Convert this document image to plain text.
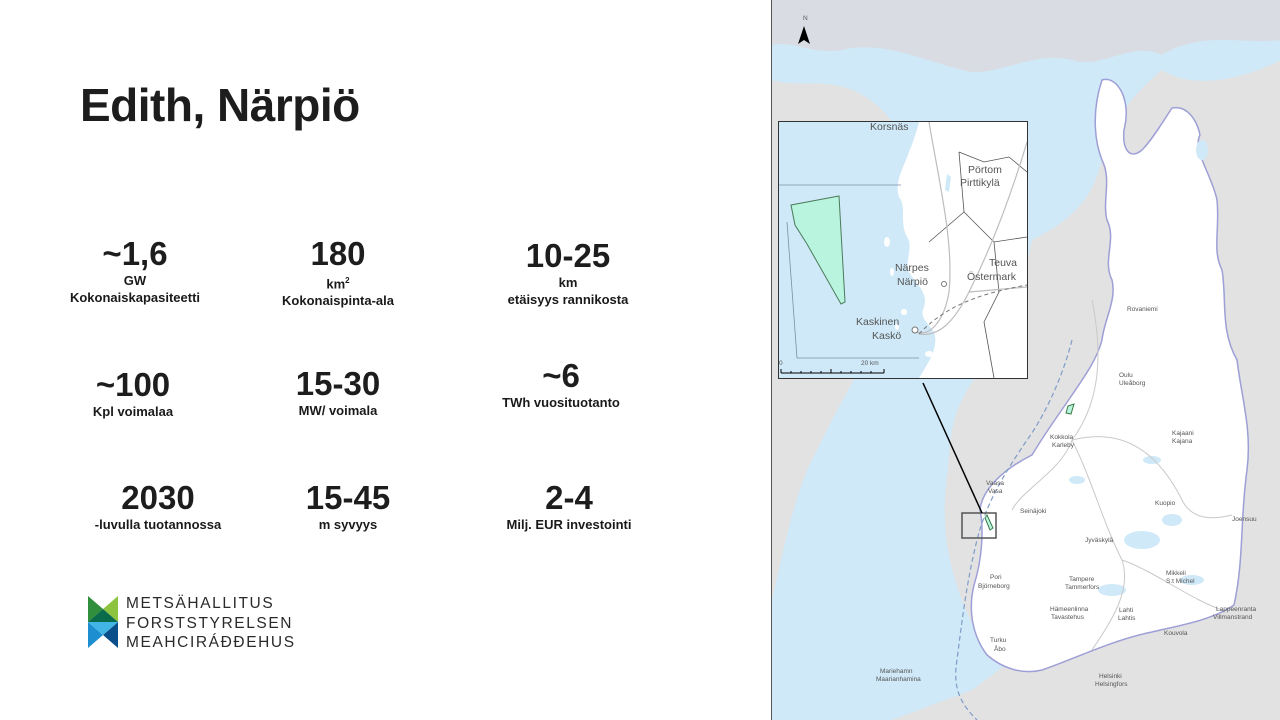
Edith, Närpiö
~1,6
GW
Kokonaiskapasiteetti
180
$km^2$
Kokonaispinta-ala
10-25
km
etäisyys rannikosta
~100
Kpl voimalaa
15-30
MW/ voimala
~6
TWh vuosituotanto
2030
-luvulla tuotannossa
15-45
m syvyys
2-4
Milj. EUR investointi
METSÄHALLITUS
FORSTSTYRELSEN
MEAHCIRÁĐĐEHUS
N
Rovaniemi
Oulu
Uleåborg
Kajaani
Kajana
Kokkola
Karleby
Vaasa
Vasa
Seinäjoki
Kuopio
Joensuu
Jyväskylä
Mikkeli
S:t Michel
Pori
Björneborg
Tampere
Tammerfors
Lahti
Lahtis
Lappeenranta
Villmanstrand
Hämeenlinna
Tavastehus
Kouvola
Turku
Åbo
Helsinki
Helsingfors
Mariehamn
Maarianhamina
Korsnäs
Pörtom
Pirttikylä
Närpes
Närpiö
Teuva
Östermark
Kaskinen
Kaskö
0	20 km
